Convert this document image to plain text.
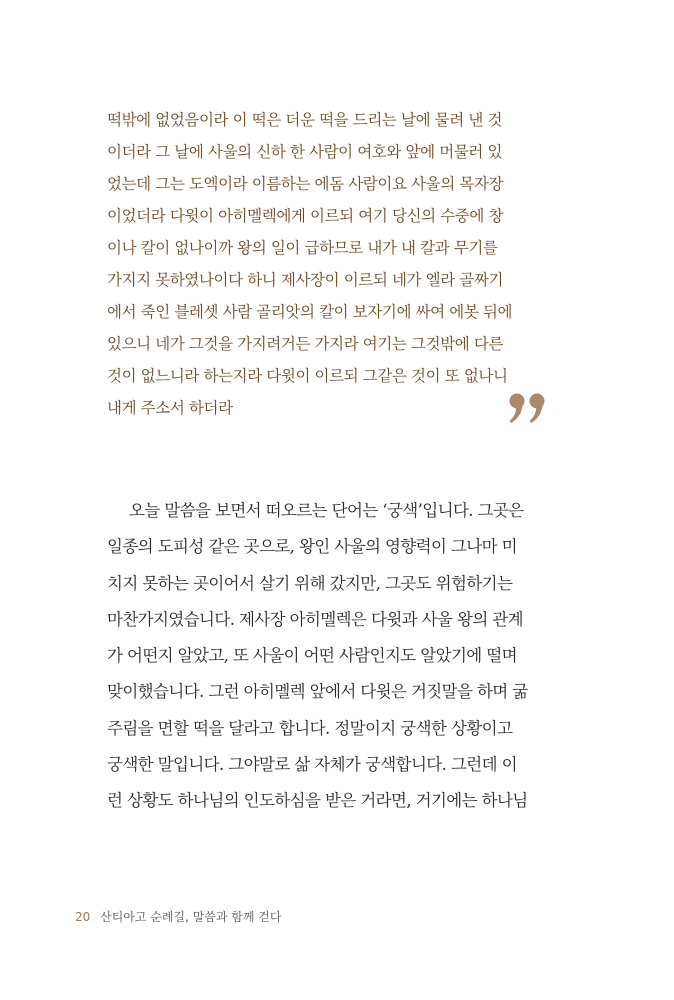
떡밖에 없었음이라 이 떡은 더운 떡을 드리는 날에 물려 낸 것
이더라 그 날에 사울의 신하 한 사람이 여호와 앞에 머물러 있
었는데 그는 도엑이라 이름하는 에돔 사람이요 사울의 목자장
이었더라 다윗이 아히멜렉에게 이르되 여기 당신의 수중에 창
이나 칼이 없나이까 왕의 일이 급하므로 내가 내 칼과 무기를
가지지 못하였나이다 하니 제사장이 이르되 네가 엘라 골짜기
에서 죽인 블레셋 사람 골리앗의 칼이 보자기에 싸여 에봇 뒤에
있으니 네가 그것을 가지려거든 가지라 여기는 그것밖에 다른
것이 없느니라 하는지라 다윗이 이르되 그같은 것이 또 없나니
내게 주소서 하더라
오늘 말씀을 보면서 떠오르는 단어는 ‘궁색’입니다. 그곳은
일종의 도피성 같은 곳으로, 왕인 사울의 영향력이 그나마 미
치지 못하는 곳이어서 살기 위해 갔지만, 그곳도 위험하기는
마찬가지였습니다. 제사장 아히멜렉은 다윗과 사울 왕의 관계
가 어떤지 알았고, 또 사울이 어떤 사람인지도 알았기에 떨며
맞이했습니다. 그런 아히멜렉 앞에서 다윗은 거짓말을 하며 굶
주림을 면할 떡을 달라고 합니다. 정말이지 궁색한 상황이고
궁색한 말입니다. 그야말로 삶 자체가 궁색합니다. 그런데 이
런 상황도 하나님의 인도하심을 받은 거라면, 거기에는 하나님
20 산티아고 순례길, 말씀과 함께 걷다
